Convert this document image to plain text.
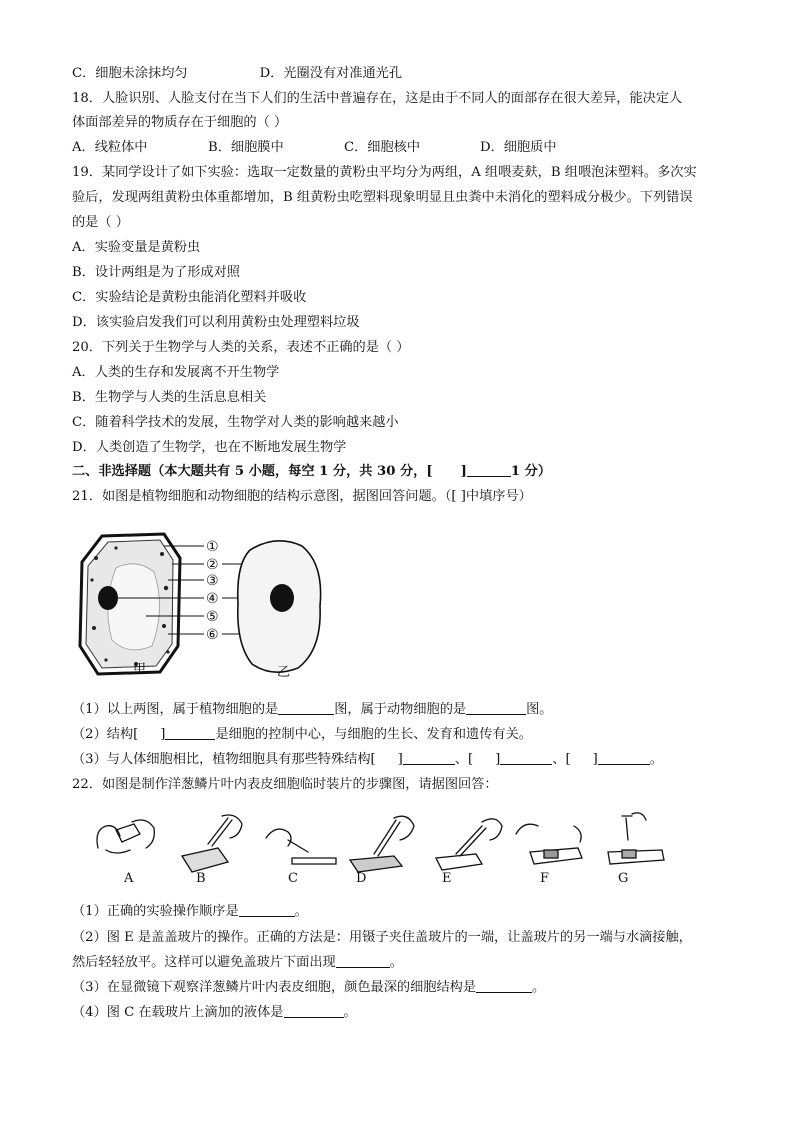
C．细胞未涂抹均匀	D．光圈没有对准通光孔
18．人脸识别、人脸支付在当下人们的生活中普遍存在，这是由于不同人的面部存在很大差异，能决定人
体面部差异的物质存在于细胞的（ ）
A．线粒体中	B．细胞膜中	C．细胞核中	D．细胞质中
19．某同学设计了如下实验：选取一定数量的黄粉虫平均分为两组，A 组喂麦麸，B 组喂泡沫塑料。多次实
验后，发现两组黄粉虫体重都增加，B 组黄粉虫吃塑料现象明显且虫粪中未消化的塑料成分极少。下列错误
的是（ ）
A．实验变量是黄粉虫
B．设计两组是为了形成对照
C．实验结论是黄粉虫能消化塑料并吸收
D．该实验启发我们可以利用黄粉虫处理塑料垃圾
20．下列关于生物学与人类的关系，表述不正确的是（ ）
A．人类的生存和发展离不开生物学
B．生物学与人类的生活息息相关
C．随着科学技术的发展，生物学对人类的影响越来越小
D．人类创造了生物学，也在不断地发展生物学
二、非选择题（本大题共有 5 小题，每空 1 分，共 30 分，[ ]	1 分）
21．如图是植物细胞和动物细胞的结构示意图，据图回答问题。（[ ]中填序号）
①
②
③
④
⑤
⑥
甲	乙
（1）以上两图，属于植物细胞的是	图，属于动物细胞的是	图。
（2）结构[ ]	是细胞的控制中心，与细胞的生长、发育和遗传有关。
（3）与人体细胞相比，植物细胞具有那些特殊结构[ ]	、[ ]	、[ ]	。
22．如图是制作洋葱鳞片叶内表皮细胞临时装片的步骤图，请据图回答：
A	B	C	D	E	F	G
（1）正确的实验操作顺序是	。
（2）图 E 是盖盖玻片的操作。正确的方法是：用镊子夹住盖玻片的一端，让盖玻片的另一端与水滴接触，
然后轻轻放平。这样可以避免盖玻片下面出现	。
（3）在显微镜下观察洋葱鳞片叶内表皮细胞，颜色最深的细胞结构是	。
（4）图 C 在载玻片上滴加的液体是	。
